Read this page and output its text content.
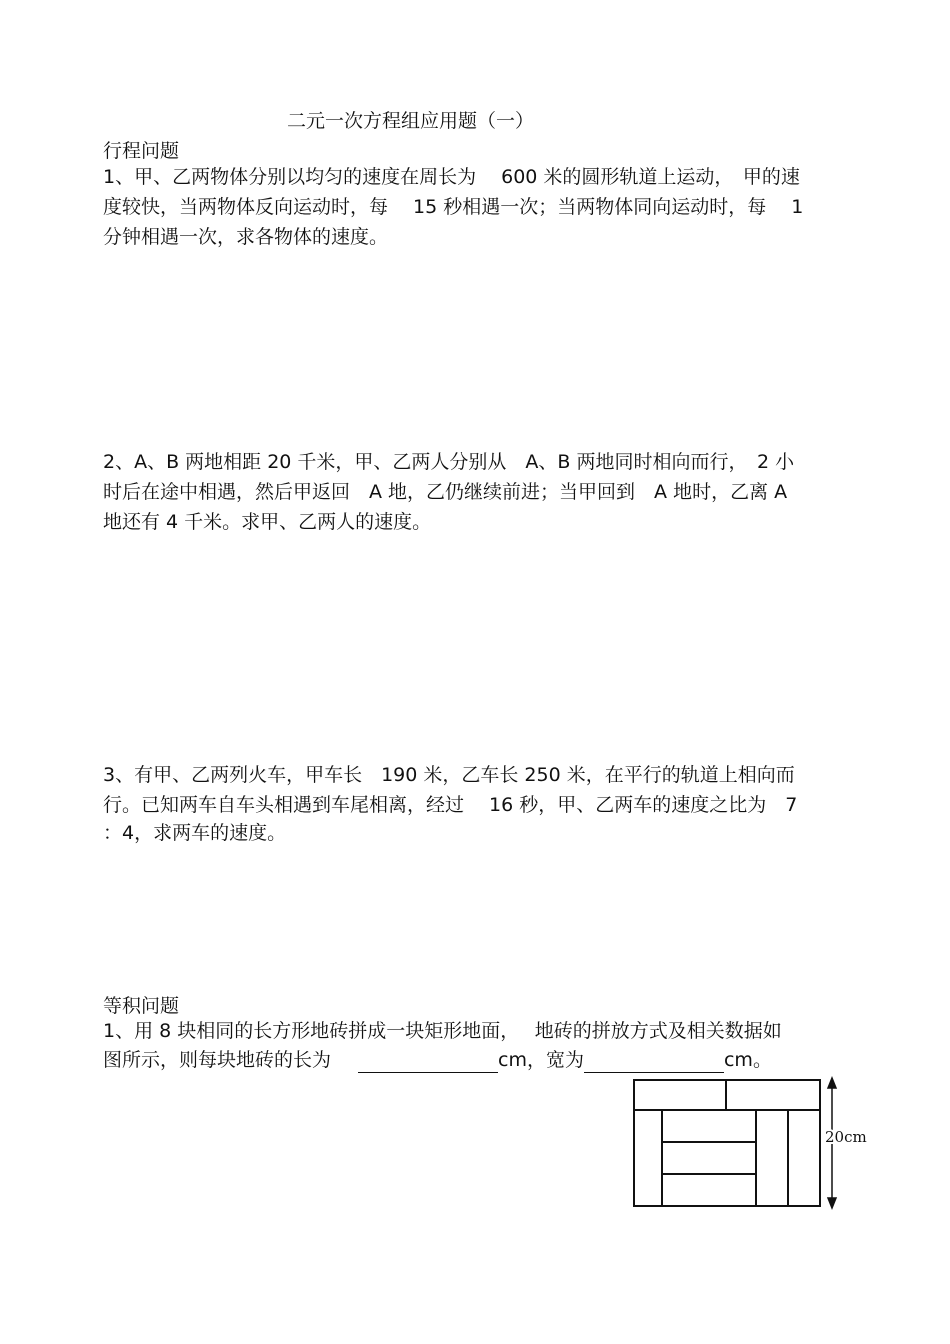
二元一次方程组应用题（一）
行程问题
1、甲、乙两物体分别以均匀的速度在周长为　 600 米的圆形轨道上运动，　甲的速
度较快，当两物体反向运动时，每　 15 秒相遇一次；当两物体同向运动时，每　 1
分钟相遇一次，求各物体的速度。
2、A、B 两地相距 20 千米，甲、乙两人分别从　A、B 两地同时相向而行，　2 小
时后在途中相遇，然后甲返回　A 地，乙仍继续前进；当甲回到　A 地时，乙离 A
地还有 4 千米。求甲、乙两人的速度。
3、有甲、乙两列火车，甲车长　190 米，乙车长 250 米，在平行的轨道上相向而
行。已知两车自车头相遇到车尾相离，经过　 16 秒，甲、乙两车的速度之比为　7
：4，求两车的速度。
等积问题
1、用 8 块相同的长方形地砖拼成一块矩形地面，　 地砖的拼放方式及相关数据如
图所示，则每块地砖的长为　	cm，宽为	cm。
20cm
